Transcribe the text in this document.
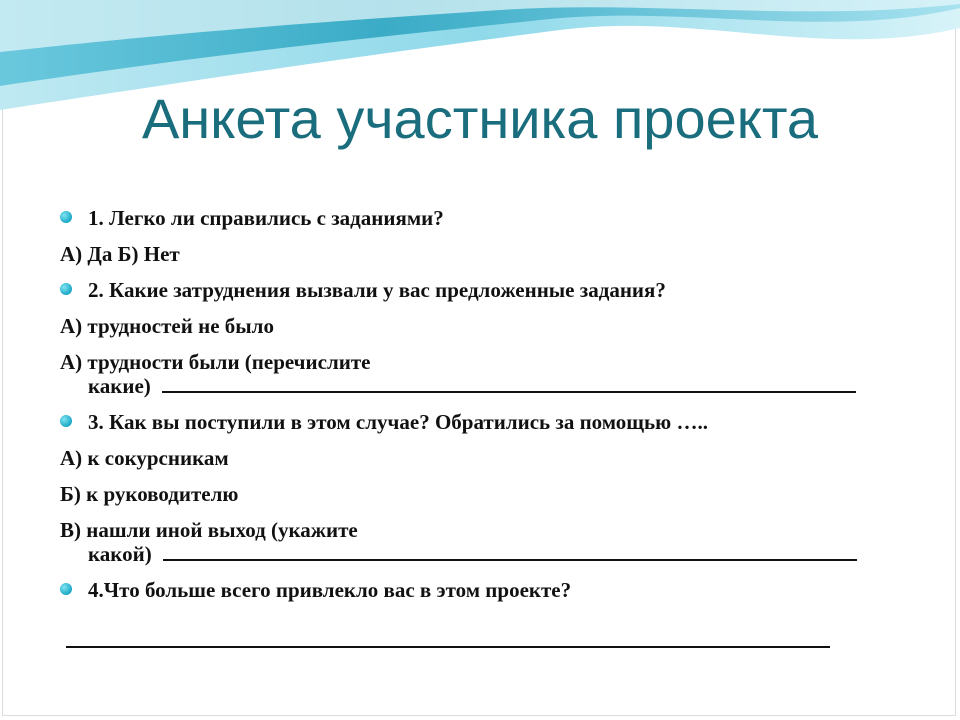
Анкета участника проекта
1. Легко ли справились с заданиями?
А) Да Б) Нет
2. Какие затруднения вызвали у вас предложенные задания?
А) трудностей не было
А) трудности были (перечислите
какие)
3. Как вы поступили в этом случае? Обратились за помощью …..
А) к сокурсникам
Б) к руководителю
В) нашли иной выход (укажите
какой)
4.Что больше всего привлекло вас в этом проекте?
